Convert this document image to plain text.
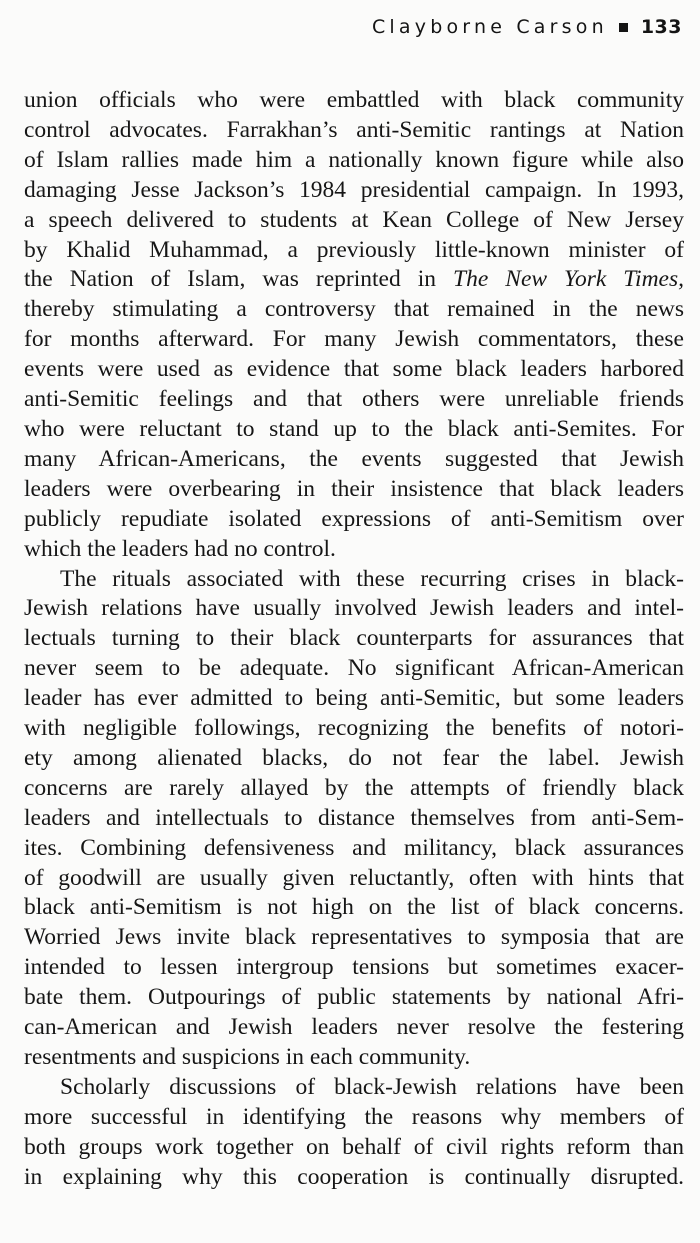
Clayborne Carson 133

union officials who were embattled with black community
control advocates. Farrakhan’s anti-Semitic rantings at Nation
of Islam rallies made him a nationally known figure while also
damaging Jesse Jackson’s 1984 presidential campaign. In 1993,
a speech delivered to students at Kean College of New Jersey
by Khalid Muhammad, a previously little-known minister of
the Nation of Islam, was reprinted in The New York Times,
thereby stimulating a controversy that remained in the news
for months afterward. For many Jewish commentators, these
events were used as evidence that some black leaders harbored
anti-Semitic feelings and that others were unreliable friends
who were reluctant to stand up to the black anti-Semites. For
many African-Americans, the events suggested that Jewish
leaders were overbearing in their insistence that black leaders
publicly repudiate isolated expressions of anti-Semitism over
which the leaders had no control.

The rituals associated with these recurring crises in black-
Jewish relations have usually involved Jewish leaders and intel-
lectuals turning to their black counterparts for assurances that
never seem to be adequate. No significant African-American
leader has ever admitted to being anti-Semitic, but some leaders
with negligible followings, recognizing the benefits of notori-
ety among alienated blacks, do not fear the label. Jewish
concerns are rarely allayed by the attempts of friendly black
leaders and intellectuals to distance themselves from anti-Sem-
ites. Combining defensiveness and militancy, black assurances
of goodwill are usually given reluctantly, often with hints that
black anti-Semitism is not high on the list of black concerns.
Worried Jews invite black representatives to symposia that are
intended to lessen intergroup tensions but sometimes exacer-
bate them. Outpourings of public statements by national Afri-
can-American and Jewish leaders never resolve the festering
resentments and suspicions in each community.

Scholarly discussions of black-Jewish relations have been
more successful in identifying the reasons why members of
both groups work together on behalf of civil rights reform than
in explaining why this cooperation is continually disrupted.
